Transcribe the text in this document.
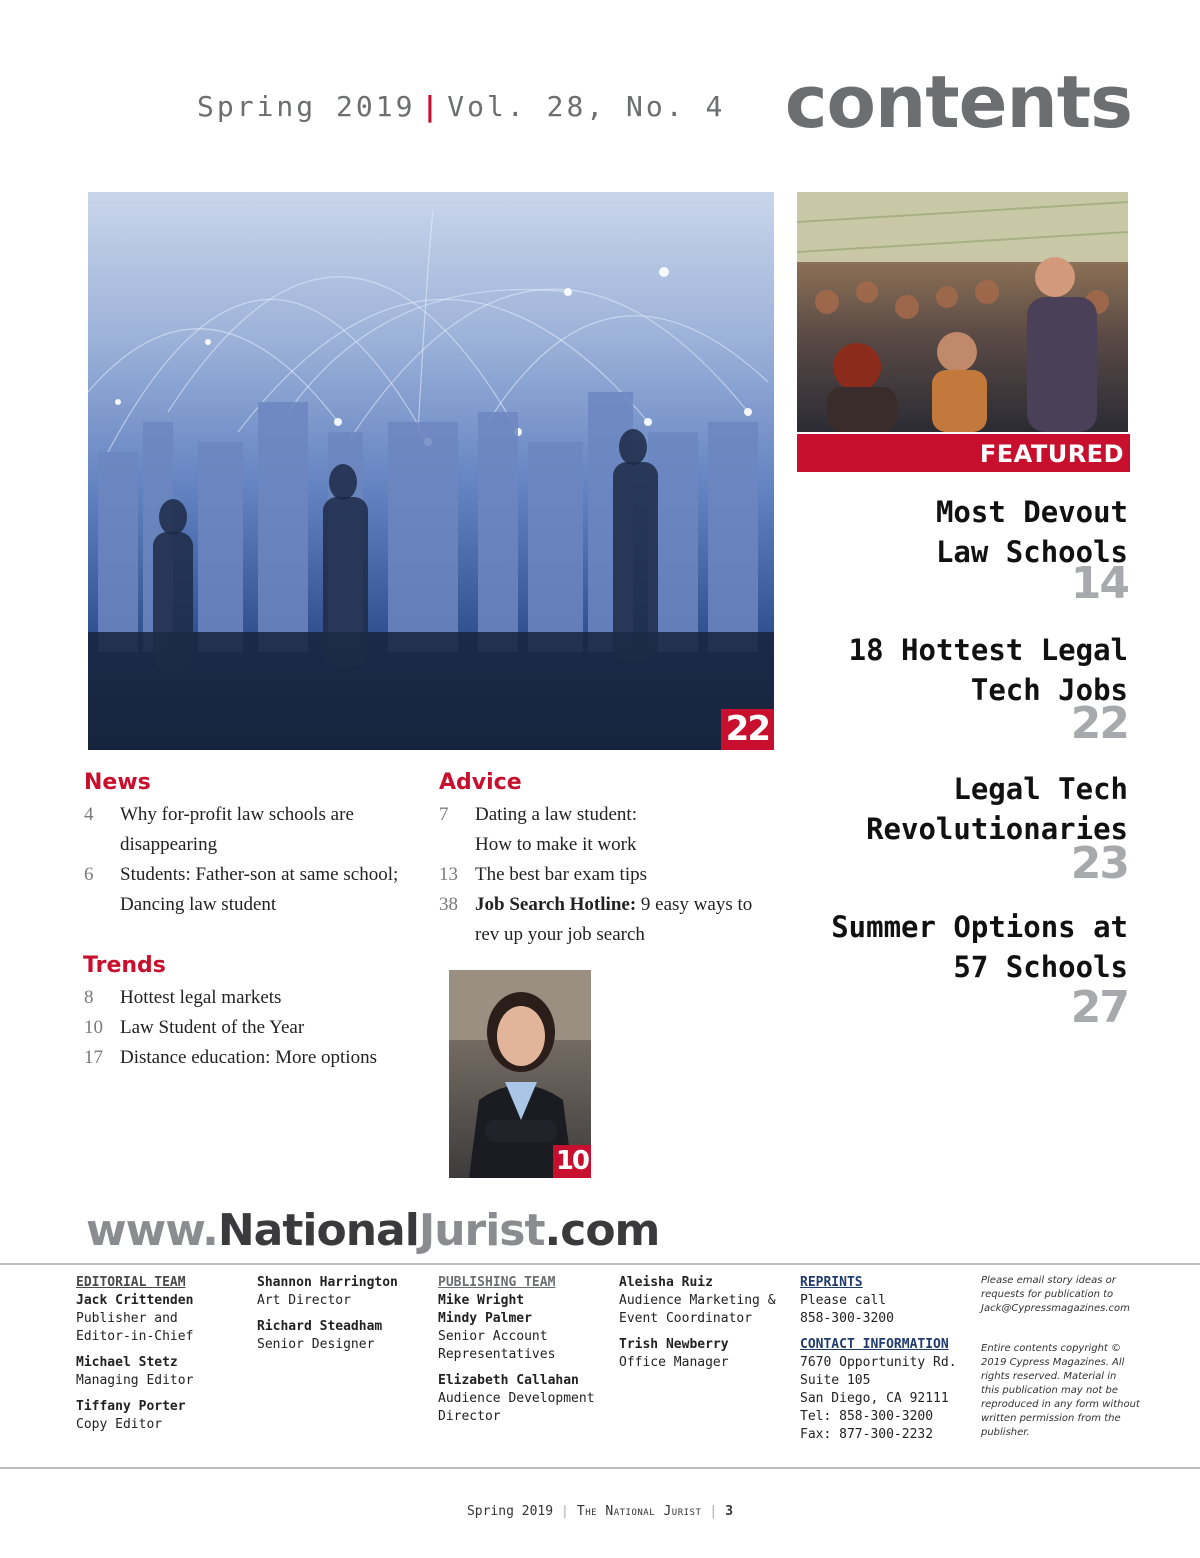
Spring 2019 | Vol. 28, No. 4 contents
22
FEATURED
Most Devout
Law Schools
14
18 Hottest Legal
Tech Jobs
22
Legal Tech
Revolutionaries
23
Summer Options at
57 Schools
27
News
4	Why for-profit law schools are
disappearing
6	Students: Father-son at same school;
Dancing law student
Trends
8	Hottest legal markets
10 Law Student of the Year
17 Distance education: More options
Advice
7	Dating a law student:
How to make it work
13 The best bar exam tips
38 Job Search Hotline: 9 easy ways to
rev up your job search
10
www.NationalJurist.com
EDITORIAL TEAM
Jack Crittenden
Publisher and
Editor-in-Chief
Michael Stetz
Managing Editor
Tiffany Porter
Copy Editor
Shannon Harrington
Art Director
Richard Steadham
Senior Designer
PUBLISHING TEAM
Mike Wright
Mindy Palmer
Senior Account
Representatives
Elizabeth Callahan
Audience Development
Director
Aleisha Ruiz
Audience Marketing &
Event Coordinator
Trish Newberry
Office Manager
REPRINTS
Please call
858-300-3200
CONTACT INFORMATION
7670 Opportunity Rd.
Suite 105
San Diego, CA 92111
Tel: 858-300-3200
Fax: 877-300-2232
Please email story ideas or
requests for publication to
Jack@Cypressmagazines.com
Entire contents copyright ©
2019 Cypress Magazines. All
rights reserved. Material in
this publication may not be
reproduced in any form without
written permission from the
publisher.
Spring 2019 | The National Jurist | 3
